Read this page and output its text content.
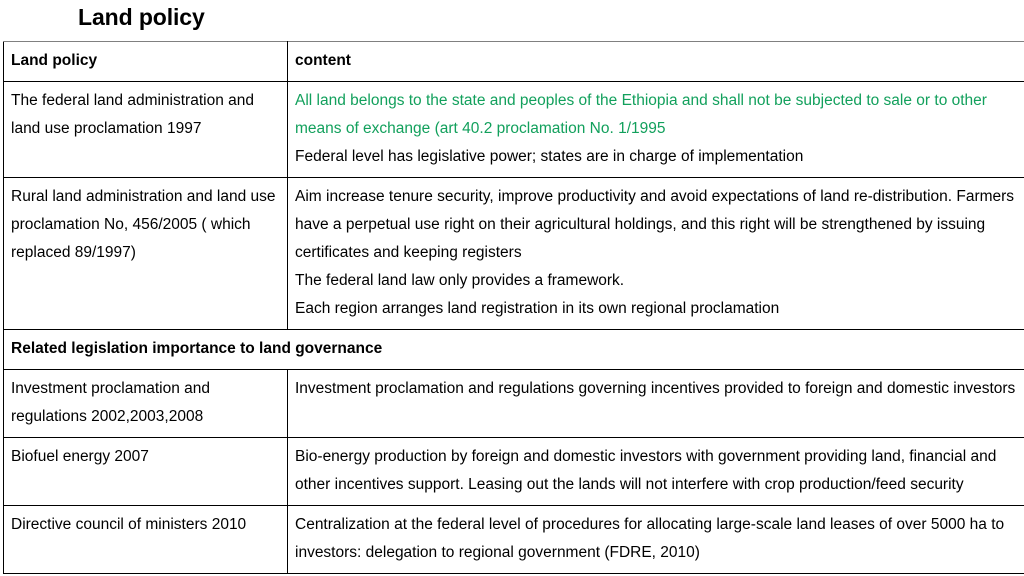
Land policy
Land policy	content
The federal land administration and land use proclamation 1997	All land belongs to the state and peoples of the Ethiopia and shall not be subjected to sale or to other means of exchange (art 40.2 proclamation No. 1/1995
Federal level has legislative power; states are in charge of implementation

Rural land administration and land use proclamation No, 456/2005 ( which replaced 89/1997)	Aim increase tenure security, improve productivity and avoid expectations of land re-distribution. Farmers have a perpetual use right on their agricultural holdings, and this right will be strengthened by issuing certificates and keeping registers
The federal land law only provides a framework.
Each region arranges land registration in its own regional proclamation

Related legislation importance to land governance	
Investment proclamation and regulations 2002,2003,2008	Investment proclamation and regulations governing incentives provided to foreign and domestic investors
Biofuel energy 2007	Bio-energy production by foreign and domestic investors with government providing land, financial and other incentives support. Leasing out the lands will not interfere with crop production/feed security
Directive council of ministers 2010	Centralization at the federal level of procedures for allocating large-scale land leases of over 5000 ha to investors: delegation to regional government (FDRE, 2010)
